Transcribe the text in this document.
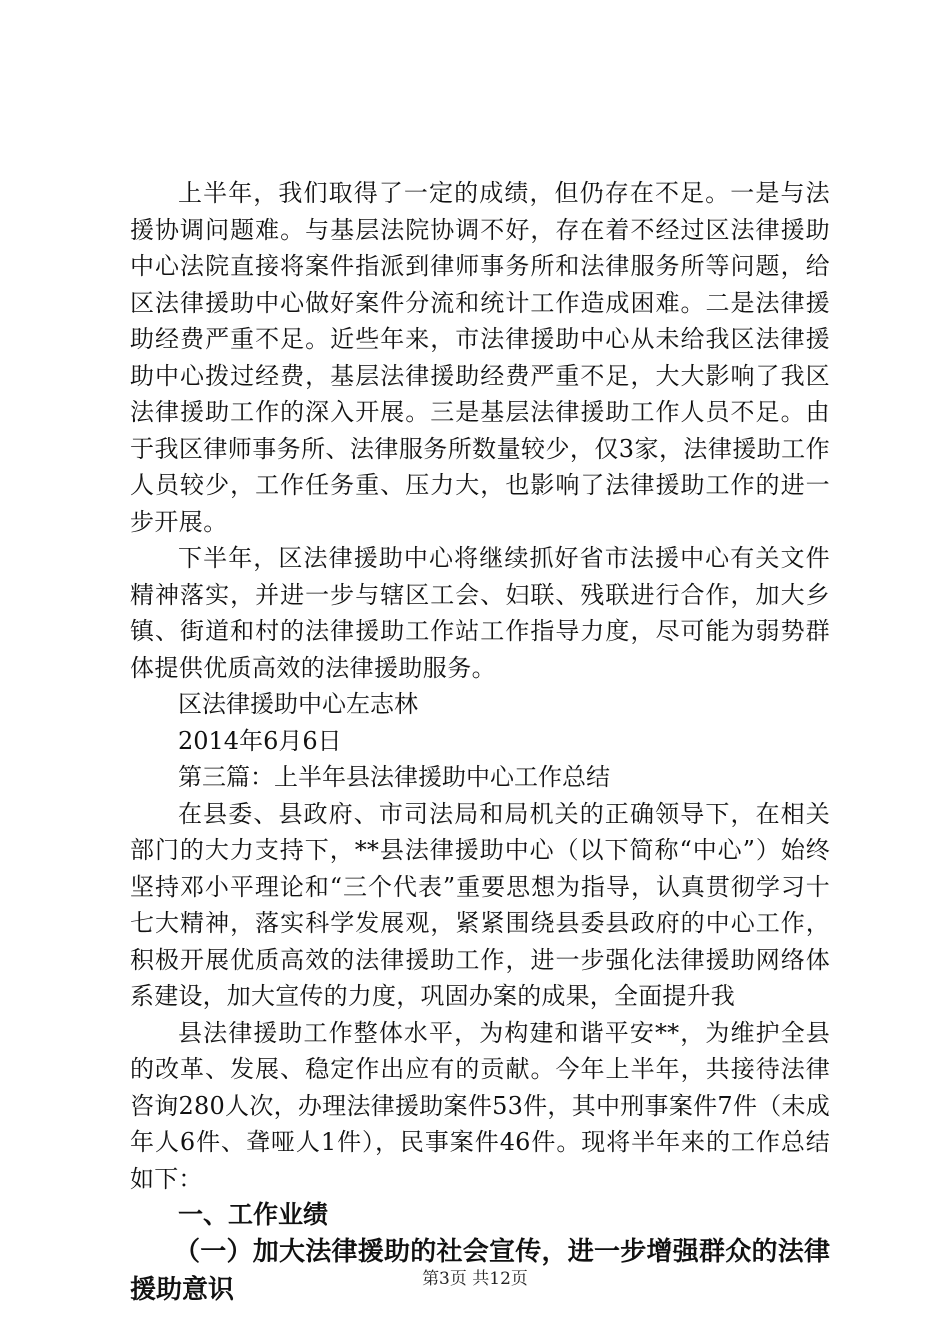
上半年，我们取得了一定的成绩，但仍存在不足。一是与法援协调问题难。与基层法院协调不好，存在着不经过区法律援助中心法院直接将案件指派到律师事务所和法律服务所等问题，给区法律援助中心做好案件分流和统计工作造成困难。二是法律援助经费严重不足。近些年来，市法律援助中心从未给我区法律援助中心拨过经费，基层法律援助经费严重不足，大大影响了我区法律援助工作的深入开展。三是基层法律援助工作人员不足。由于我区律师事务所、法律服务所数量较少，仅3家，法律援助工作人员较少，工作任务重、压力大，也影响了法律援助工作的进一步开展。

下半年，区法律援助中心将继续抓好省市法援中心有关文件精神落实，并进一步与辖区工会、妇联、残联进行合作，加大乡镇、街道和村的法律援助工作站工作指导力度，尽可能为弱势群体提供优质高效的法律援助服务。

区法律援助中心左志林

2014年6月6日

第三篇：上半年县法律援助中心工作总结

在县委、县政府、市司法局和局机关的正确领导下，在相关部门的大力支持下，**县法律援助中心（以下简称“中心”）始终坚持邓小平理论和“三个代表”重要思想为指导，认真贯彻学习十七大精神，落实科学发展观，紧紧围绕县委县政府的中心工作，积极开展优质高效的法律援助工作，进一步强化法律援助网络体系建设，加大宣传的力度，巩固办案的成果，全面提升我

县法律援助工作整体水平，为构建和谐平安**，为维护全县的改革、发展、稳定作出应有的贡献。今年上半年，共接待法律咨询280人次，办理法律援助案件53件，其中刑事案件7件（未成年人6件、聋哑人1件），民事案件46件。现将半年来的工作总结如下：

一、工作业绩

（一）加大法律援助的社会宣传，进一步增强群众的法律援助意识	第3页 共12页
